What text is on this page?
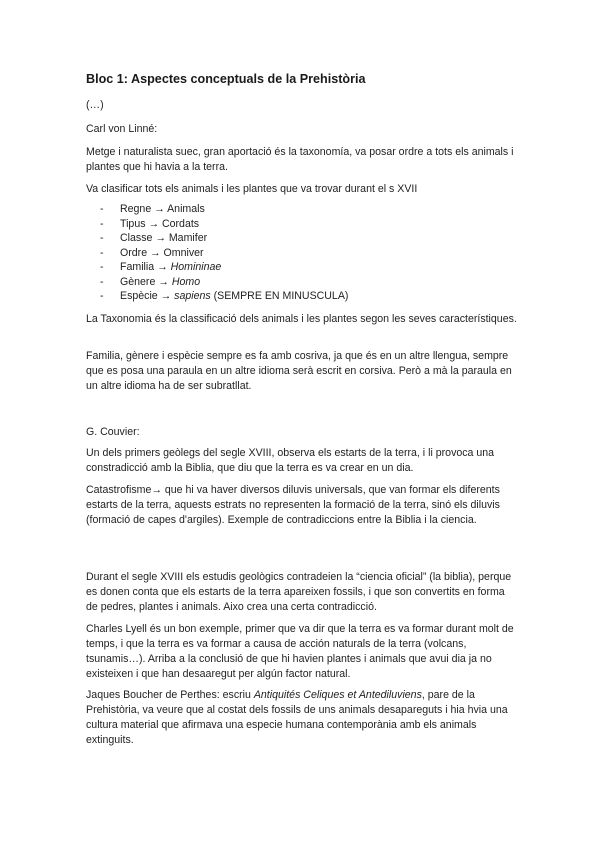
Bloc 1: Aspectes conceptuals de la Prehistòria

(…)

Carl von Linné:

Metge i naturalista suec, gran aportació és la taxonomía, va posar ordre a tots els animals i plantes que hi havia a la terra.

Va clasificar tots els animals i les plantes que va trovar durant el s XVII

- Regne → Animals
- Tipus → Cordats
- Classe → Mamifer
- Ordre → Omniver
- Familia → Homininae
- Gènere → Homo
- Espècie → sapiens (SEMPRE EN MINUSCULA)

La Taxonomia és la classificació dels animals i les plantes segon les seves característiques.

Familia, gènere i espècie sempre es fa amb cosriva, ja que és en un altre llengua, sempre que es posa una paraula en un altre idioma serà escrit en corsiva. Però a mà la paraula en un altre idioma ha de ser subratllat.

G. Couvier:

Un dels primers geòlegs del segle XVIII, observa els estarts de la terra, i li provoca una constradicció amb la Biblia, que diu que la terra es va crear en un dia.

Catastrofisme→ que hi va haver diversos diluvis universals, que van formar els diferents estarts de la terra, aquests estrats no representen la formació de la terra, sinó els diluvis (formació de capes d'argiles). Exemple de contradiccions entre la Biblia i la ciencia.

Durant el segle XVIII els estudis geològics contradeien la “ciencia oficial” (la biblia), perque es donen conta que els estarts de la terra apareixen fossils, i que son convertits en forma de pedres, plantes i animals. Aixo crea una certa contradicció.

Charles Lyell és un bon exemple, primer que va dir que la terra es va formar durant molt de temps, i que la terra es va formar a causa de acción naturals de la terra (volcans, tsunamis…). Arriba a la conclusió de que hi havien plantes i animals que avui dia ja no existeixen i que han desaaregut per algún factor natural.

Jaques Boucher de Perthes: escriu Antiquités Celiques et Antediluviens, pare de la Prehistòria, va veure que al costat dels fossils de uns animals desapareguts i hia hvia una cultura material que afirmava una especie humana contemporània amb els animals extinguits.
